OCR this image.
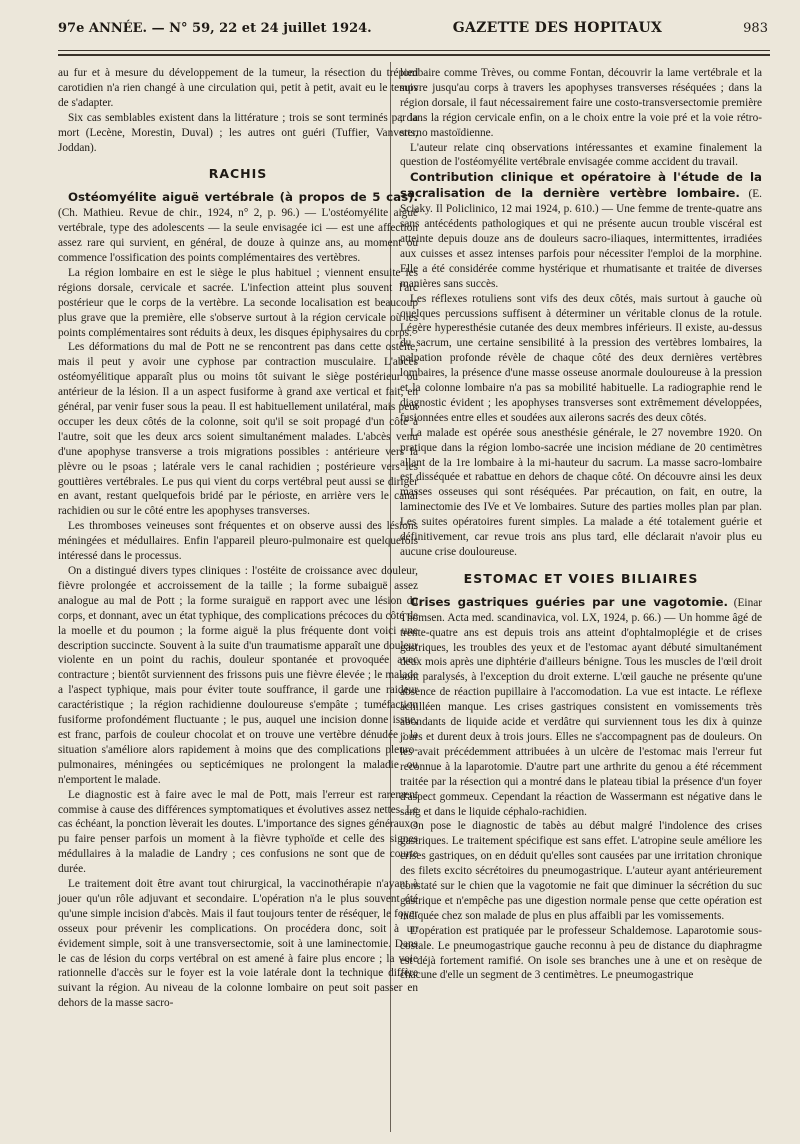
97e ANNÉE. — N° 59, 22 et 24 juillet 1924.	GAZETTE DES HOPITAUX	983

au fur et à mesure du développement de la tumeur, la résection du trépied carotidien n'a rien changé à une circulation qui, petit à petit, avait eu le temps de s'adapter.

Six cas semblables existent dans la littérature ; trois se sont terminés par la mort (Lecène, Morestin, Duval) ; les autres ont guéri (Tuffier, Vanverts, Joddan).

RACHIS

Ostéomyélite aiguë vertébrale (à propos de 5 cas). (Ch. Mathieu. Revue de chir., 1924, n° 2, p. 96.) — L'ostéomyélite aiguë vertébrale, type des adolescents — la seule envisagée ici — est une affection assez rare qui survient, en général, de douze à quinze ans, au moment où commence l'ossification des points complémentaires des vertèbres.

La région lombaire en est le siège le plus habituel ; viennent ensuite les régions dorsale, cervicale et sacrée. L'infection atteint plus souvent l'arc postérieur que le corps de la vertèbre. La seconde localisation est beaucoup plus grave que la première, elle s'observe surtout à la région cervicale où les points complémentaires sont réduits à deux, les disques épiphysaires du corps.

Les déformations du mal de Pott ne se rencontrent pas dans cette ostéite, mais il peut y avoir une cyphose par contraction musculaire. L'abcès ostéomyélitique apparaît plus ou moins tôt suivant le siège postérieur ou antérieur de la lésion. Il a un aspect fusiforme à grand axe vertical et fait, en général, par venir fuser sous la peau. Il est habituellement unilatéral, mais peut occuper les deux côtés de la colonne, soit qu'il se soit propagé d'un côté à l'autre, soit que les deux arcs soient simultanément malades. L'abcès venu d'une apophyse transverse a trois migrations possibles : antérieure vers la plèvre ou le psoas ; latérale vers le canal rachidien ; postérieure vers les gouttières vertébrales. Le pus qui vient du corps vertébral peut aussi se diriger en avant, restant quelquefois bridé par le périoste, en arrière vers le canal rachidien ou sur le côté entre les apophyses transverses.

Les thromboses veineuses sont fréquentes et on observe aussi des lésions méningées et médullaires. Enfin l'appareil pleuro-pulmonaire est quelquefois intéressé dans le processus.

On a distingué divers types cliniques : l'ostéite de croissance avec douleur, fièvre prolongée et accroissement de la taille ; la forme subaiguë assez analogue au mal de Pott ; la forme suraiguë en rapport avec une lésion du corps, et donnant, avec un état typhique, des complications précoces du côté de la moelle et du poumon ; la forme aiguë la plus fréquente dont voici une description succincte. Souvent à la suite d'un traumatisme apparaît une douleur violente en un point du rachis, douleur spontanée et provoquée avec contracture ; bientôt surviennent des frissons puis une fièvre élevée ; le malade a l'aspect typhique, mais pour éviter toute souffrance, il garde une raideur caractéristique ; la région rachidienne douloureuse s'empâte ; tuméfaction fusiforme profondément fluctuante ; le pus, auquel une incision donne issue, est franc, parfois de couleur chocolat et on trouve une vertèbre dénudée ; la situation s'améliore alors rapidement à moins que des complications pleuro-pulmonaires, méningées ou septicémiques ne prolongent la maladie ou n'emportent le malade.

Le diagnostic est à faire avec le mal de Pott, mais l'erreur est rarement commise à cause des différences symptomatiques et évolutives assez nettes. Le cas échéant, la ponction lèverait les doutes. L'importance des signes généraux a pu faire penser parfois un moment à la fièvre typhoïde et celle des signes médullaires à la maladie de Landry ; ces confusions ne sont que de courte durée.

Le traitement doit être avant tout chirurgical, la vaccinothérapie n'ayant à jouer qu'un rôle adjuvant et secondaire. L'opération n'a le plus souvent été qu'une simple incision d'abcès. Mais il faut toujours tenter de réséquer, le foyer osseux pour prévenir les complications. On procédera donc, soit à un évidement simple, soit à une transversectomie, soit à une laminectomie. Dans le cas de lésion du corps vertébral on est amené à faire plus encore ; la voie rationnelle d'accès sur le foyer est la voie latérale dont la technique diffère suivant la région. Au niveau de la colonne lombaire on peut soit passer en dehors de la masse sacro-

lombaire comme Trèves, ou comme Fontan, découvrir la lame vertébrale et la suivre jusqu'au corps à travers les apophyses transverses réséquées ; dans la région dorsale, il faut nécessairement faire une costo-transversectomie première ; dans la région cervicale enfin, on a le choix entre la voie pré et la voie rétro-sterno mastoïdienne.

L'auteur relate cinq observations intéressantes et examine finalement la question de l'ostéomyélite vertébrale envisagée comme accident du travail.

Contribution clinique et opératoire à l'étude de la sacralisation de la dernière vertèbre lombaire. (E. Sciaky. Il Policlinico, 12 mai 1924, p. 610.) — Une femme de trente-quatre ans sans antécédents pathologiques et qui ne présente aucun trouble viscéral est atteinte depuis douze ans de douleurs sacro-iliaques, intermittentes, irradiées aux cuisses et assez intenses parfois pour nécessiter l'emploi de la morphine. Elle a été considérée comme hystérique et rhumatisante et traitée de diverses manières sans succès.

Les réflexes rotuliens sont vifs des deux côtés, mais surtout à gauche où quelques percussions suffisent à déterminer un véritable clonus de la rotule. Légère hyperesthésie cutanée des deux membres inférieurs. Il existe, au-dessus du sacrum, une certaine sensibilité à la pression des vertèbres lombaires, la palpation profonde révèle de chaque côté des deux dernières vertèbres lombaires, la présence d'une masse osseuse anormale douloureuse à la pression et la colonne lombaire n'a pas sa mobilité habituelle. La radiographie rend le diagnostic évident ; les apophyses transverses sont extrêmement développées, fusionnées entre elles et soudées aux ailerons sacrés des deux côtés.

La malade est opérée sous anesthésie générale, le 27 novembre 1920. On pratique dans la région lombo-sacrée une incision médiane de 20 centimètres allant de la 1re lombaire à la mi-hauteur du sacrum. La masse sacro-lombaire est disséquée et rabattue en dehors de chaque côté. On découvre ainsi les deux masses osseuses qui sont réséquées. Par précaution, on fait, en outre, la laminectomie des IVe et Ve lombaires. Suture des parties molles plan par plan. Les suites opératoires furent simples. La malade a été totalement guérie et définitivement, car revue trois ans plus tard, elle déclarait n'avoir plus eu aucune crise douloureuse.

ESTOMAC ET VOIES BILIAIRES

Crises gastriques guéries par une vagotomie. (Einar Thomsen. Acta med. scandinavica, vol. LX, 1924, p. 66.) — Un homme âgé de trente-quatre ans est depuis trois ans atteint d'ophtalmoplégie et de crises gastriques, les troubles des yeux et de l'estomac ayant débuté simultanément deux mois après une diphtérie d'ailleurs bénigne. Tous les muscles de l'œil droit sont paralysés, à l'exception du droit externe. L'œil gauche ne présente qu'une absence de réaction pupillaire à l'accomodation. La vue est intacte. Le réflexe achilléen manque. Les crises gastriques consistent en vomissements très abondants de liquide acide et verdâtre qui surviennent tous les dix à quinze jours et durent deux à trois jours. Elles ne s'accompagnent pas de douleurs. On les avait précédemment attribuées à un ulcère de l'estomac mais l'erreur fut reconnue à la laparotomie. D'autre part une arthrite du genou a été récemment traitée par la résection qui a montré dans le plateau tibial la présence d'un foyer d'aspect gommeux. Cependant la réaction de Wassermann est négative dans le sang et dans le liquide céphalo-rachidien.

On pose le diagnostic de tabès au début malgré l'indolence des crises gastriques. Le traitement spécifique est sans effet. L'atropine seule améliore les crises gastriques, on en déduit qu'elles sont causées par une irritation chronique des filets excito sécrétoires du pneumogastrique. L'auteur ayant antérieurement constaté sur le chien que la vagotomie ne fait que diminuer la sécrétion du suc gastrique et n'empêche pas une digestion normale pense que cette opération est indiquée chez son malade de plus en plus affaibli par les vomissements.

L'opération est pratiquée par le professeur Schaldemose. Laparotomie sous-costale. Le pneumogastrique gauche reconnu à peu de distance du diaphragme est déjà fortement ramifié. On isole ses branches une à une et on resèque de chacune d'elle un segment de 3 centimètres. Le pneumogastrique
